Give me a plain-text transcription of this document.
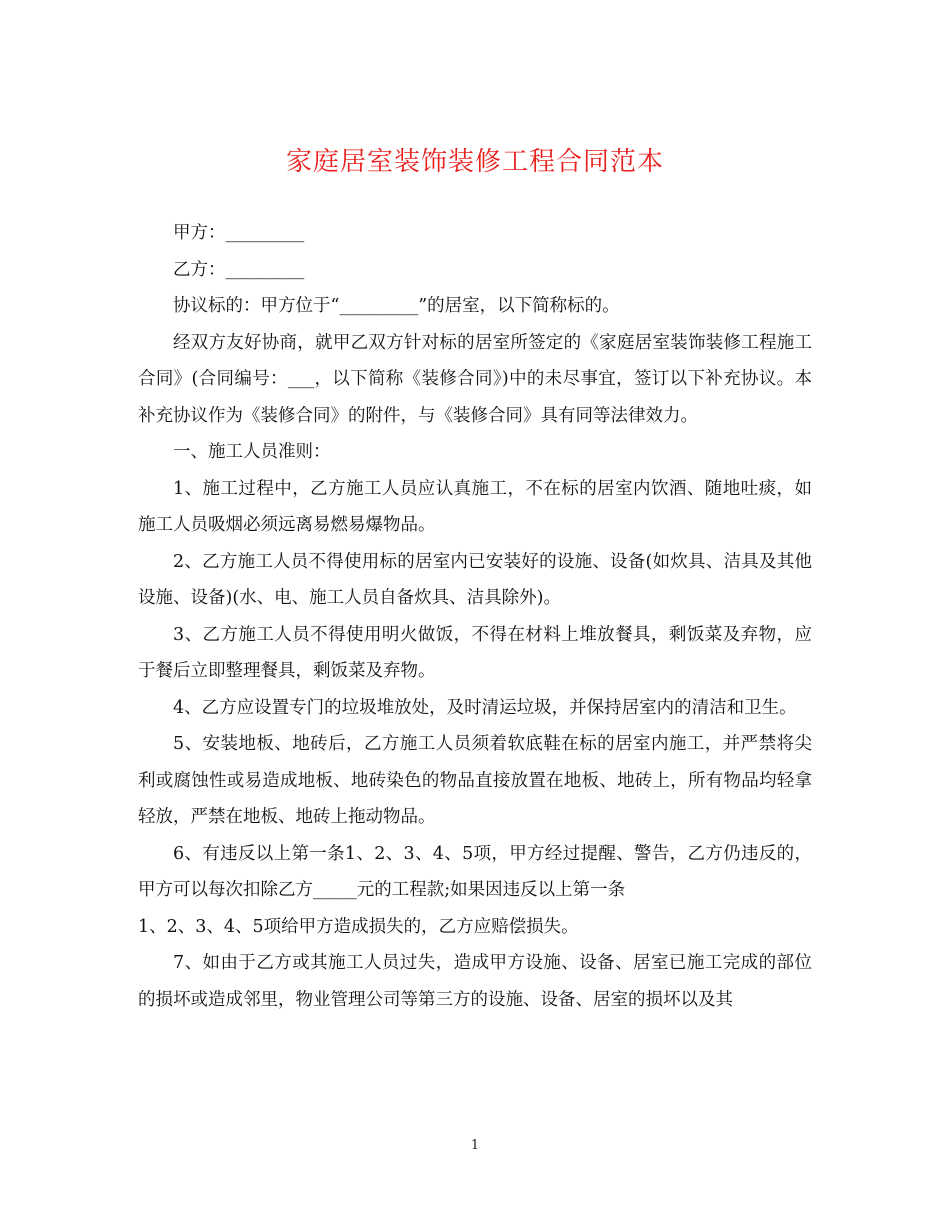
家庭居室装饰装修工程合同范本

甲方：_________

乙方：_________

协议标的：甲方位于“_________”的居室，以下简称标的。

经双方友好协商，就甲乙双方针对标的居室所签定的《家庭居室装饰装修工程施工合同》(合同编号：___，以下简称《装修合同》)中的未尽事宜，签订以下补充协议。本补充协议作为《装修合同》的附件，与《装修合同》具有同等法律效力。

一、施工人员准则：

1、施工过程中，乙方施工人员应认真施工，不在标的居室内饮酒、随地吐痰，如施工人员吸烟必须远离易燃易爆物品。

2、乙方施工人员不得使用标的居室内已安装好的设施、设备(如炊具、洁具及其他设施、设备)(水、电、施工人员自备炊具、洁具除外)。

3、乙方施工人员不得使用明火做饭，不得在材料上堆放餐具，剩饭菜及弃物，应于餐后立即整理餐具，剩饭菜及弃物。

4、乙方应设置专门的垃圾堆放处，及时清运垃圾，并保持居室内的清洁和卫生。

5、安装地板、地砖后，乙方施工人员须着软底鞋在标的居室内施工，并严禁将尖利或腐蚀性或易造成地板、地砖染色的物品直接放置在地板、地砖上，所有物品均轻拿轻放，严禁在地板、地砖上拖动物品。

6、有违反以上第一条1、2、3、4、5项，甲方经过提醒、警告，乙方仍违反的，甲方可以每次扣除乙方_____元的工程款;如果因违反以上第一条

1、2、3、4、5项给甲方造成损失的，乙方应赔偿损失。

7、如由于乙方或其施工人员过失，造成甲方设施、设备、居室已施工完成的部位的损坏或造成邻里，物业管理公司等第三方的设施、设备、居室的损坏以及其

1
